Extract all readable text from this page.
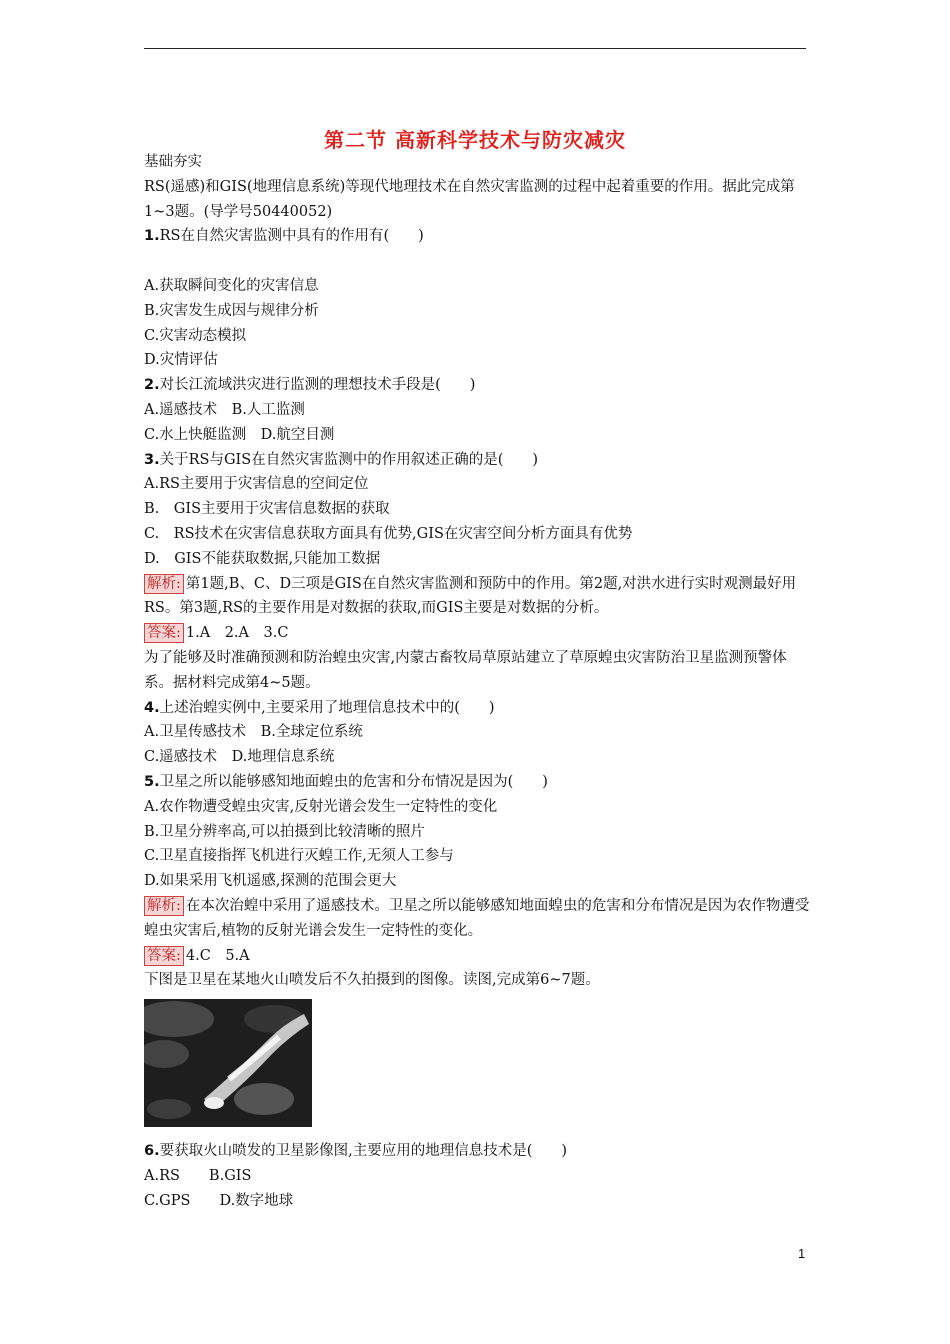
第二节 高新科学技术与防灾减灾

基础夯实

RS(遥感)和GIS(地理信息系统)等现代地理技术在自然灾害监测的过程中起着重要的作用。据此完成第1~3题。(导学号50440052)

1.RS在自然灾害监测中具有的作用有(　　)

A.获取瞬间变化的灾害信息

B.灾害发生成因与规律分析

C.灾害动态模拟

D.灾情评估

2.对长江流域洪灾进行监测的理想技术手段是(　　)

A.遥感技术　B.人工监测

C.水上快艇监测　D.航空目测

3.关于RS与GIS在自然灾害监测中的作用叙述正确的是(　　)

A.RS主要用于灾害信息的空间定位

B.　GIS主要用于灾害信息数据的获取

C.　RS技术在灾害信息获取方面具有优势,GIS在灾害空间分析方面具有优势

D.　GIS不能获取数据,只能加工数据

解析: 第1题,B、C、D三项是GIS在自然灾害监测和预防中的作用。第2题,对洪水进行实时观测最好用RS。第3题,RS的主要作用是对数据的获取,而GIS主要是对数据的分析。

答案: 1.A　2.A　3.C

为了能够及时准确预测和防治蝗虫灾害,内蒙古畜牧局草原站建立了草原蝗虫灾害防治卫星监测预警体系。据材料完成第4~5题。

4.上述治蝗实例中,主要采用了地理信息技术中的(　　)

A.卫星传感技术　B.全球定位系统

C.遥感技术　D.地理信息系统

5.卫星之所以能够感知地面蝗虫的危害和分布情况是因为(　　)

A.农作物遭受蝗虫灾害,反射光谱会发生一定特性的变化

B.卫星分辨率高,可以拍摄到比较清晰的照片

C.卫星直接指挥飞机进行灭蝗工作,无须人工参与

D.如果采用飞机遥感,探测的范围会更大

解析: 在本次治蝗中采用了遥感技术。卫星之所以能够感知地面蝗虫的危害和分布情况是因为农作物遭受蝗虫灾害后,植物的反射光谱会发生一定特性的变化。

答案: 4.C　5.A

下图是卫星在某地火山喷发后不久拍摄到的图像。读图,完成第6~7题。

6.要获取火山喷发的卫星影像图,主要应用的地理信息技术是(　　)

A.RS　　B.GIS

C.GPS　　D.数字地球

1
